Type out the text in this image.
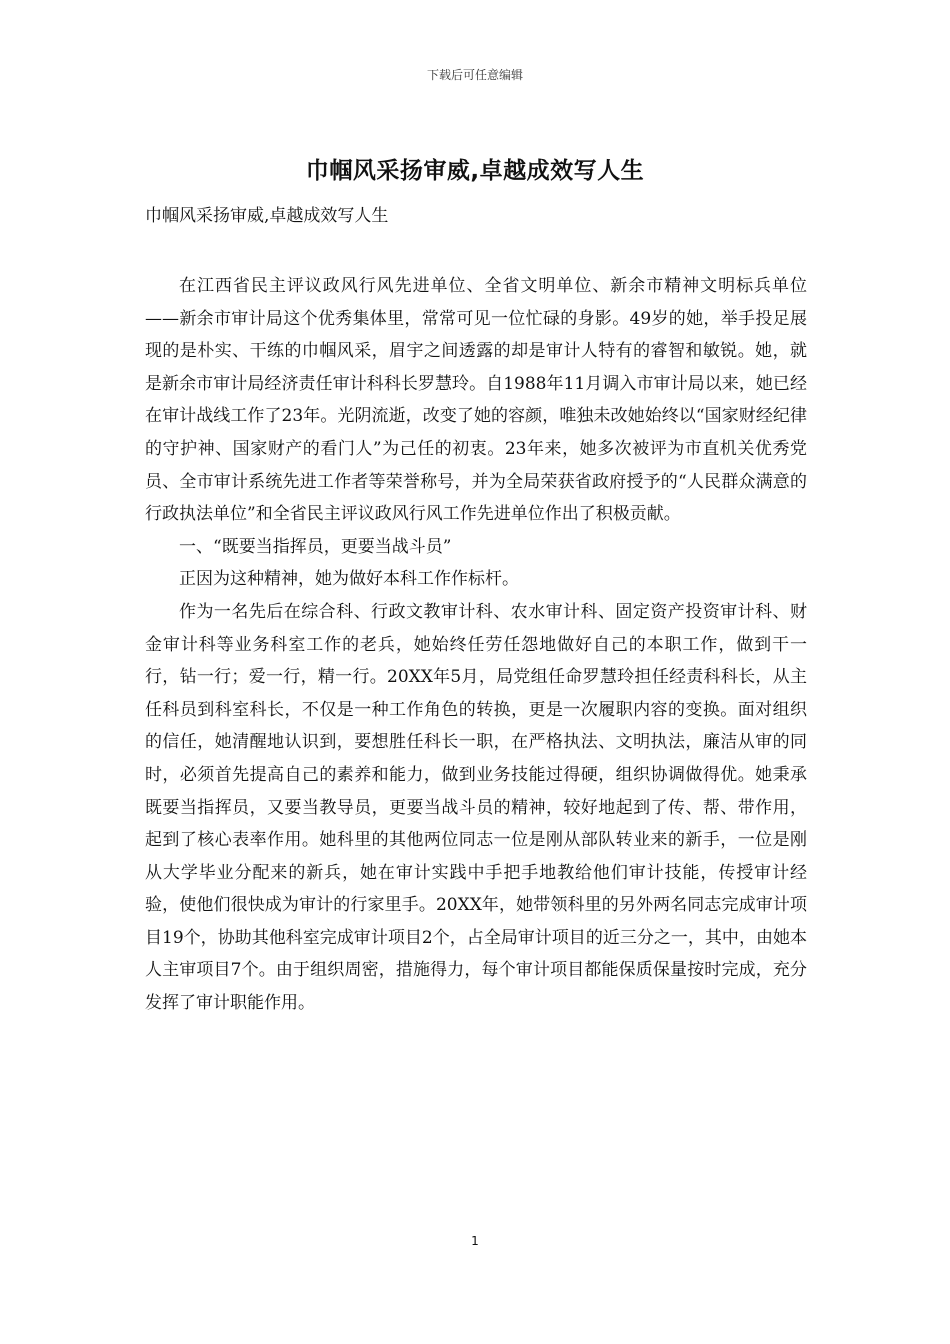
下载后可任意编辑
巾帼风采扬审威,卓越成效写人生
巾帼风采扬审威,卓越成效写人生

在江西省民主评议政风行风先进单位、全省文明单位、新余市精神文明标兵单位——新余市审计局这个优秀集体里，常常可见一位忙碌的身影。49岁的她，举手投足展现的是朴实、干练的巾帼风采，眉宇之间透露的却是审计人特有的睿智和敏锐。她，就是新余市审计局经济责任审计科科长罗慧玲。自1988年11月调入市审计局以来，她已经在审计战线工作了23年。光阴流逝，改变了她的容颜，唯独未改她始终以“国家财经纪律的守护神、国家财产的看门人”为己任的初衷。23年来，她多次被评为市直机关优秀党员、全市审计系统先进工作者等荣誉称号，并为全局荣获省政府授予的“人民群众满意的行政执法单位”和全省民主评议政风行风工作先进单位作出了积极贡献。

一、“既要当指挥员，更要当战斗员”

正因为这种精神，她为做好本科工作作标杆。

作为一名先后在综合科、行政文教审计科、农水审计科、固定资产投资审计科、财金审计科等业务科室工作的老兵，她始终任劳任怨地做好自己的本职工作，做到干一行，钻一行；爱一行，精一行。20XX年5月，局党组任命罗慧玲担任经责科科长，从主任科员到科室科长，不仅是一种工作角色的转换，更是一次履职内容的变换。面对组织的信任，她清醒地认识到，要想胜任科长一职，在严格执法、文明执法，廉洁从审的同时，必须首先提高自己的素养和能力，做到业务技能过得硬，组织协调做得优。她秉承既要当指挥员，又要当教导员，更要当战斗员的精神，较好地起到了传、帮、带作用，起到了核心表率作用。她科里的其他两位同志一位是刚从部队转业来的新手，一位是刚从大学毕业分配来的新兵，她在审计实践中手把手地教给他们审计技能，传授审计经验，使他们很快成为审计的行家里手。20XX年，她带领科里的另外两名同志完成审计项目19个，协助其他科室完成审计项目2个，占全局审计项目的近三分之一，其中，由她本人主审项目7个。由于组织周密，措施得力，每个审计项目都能保质保量按时完成，充分发挥了审计职能作用。

1
